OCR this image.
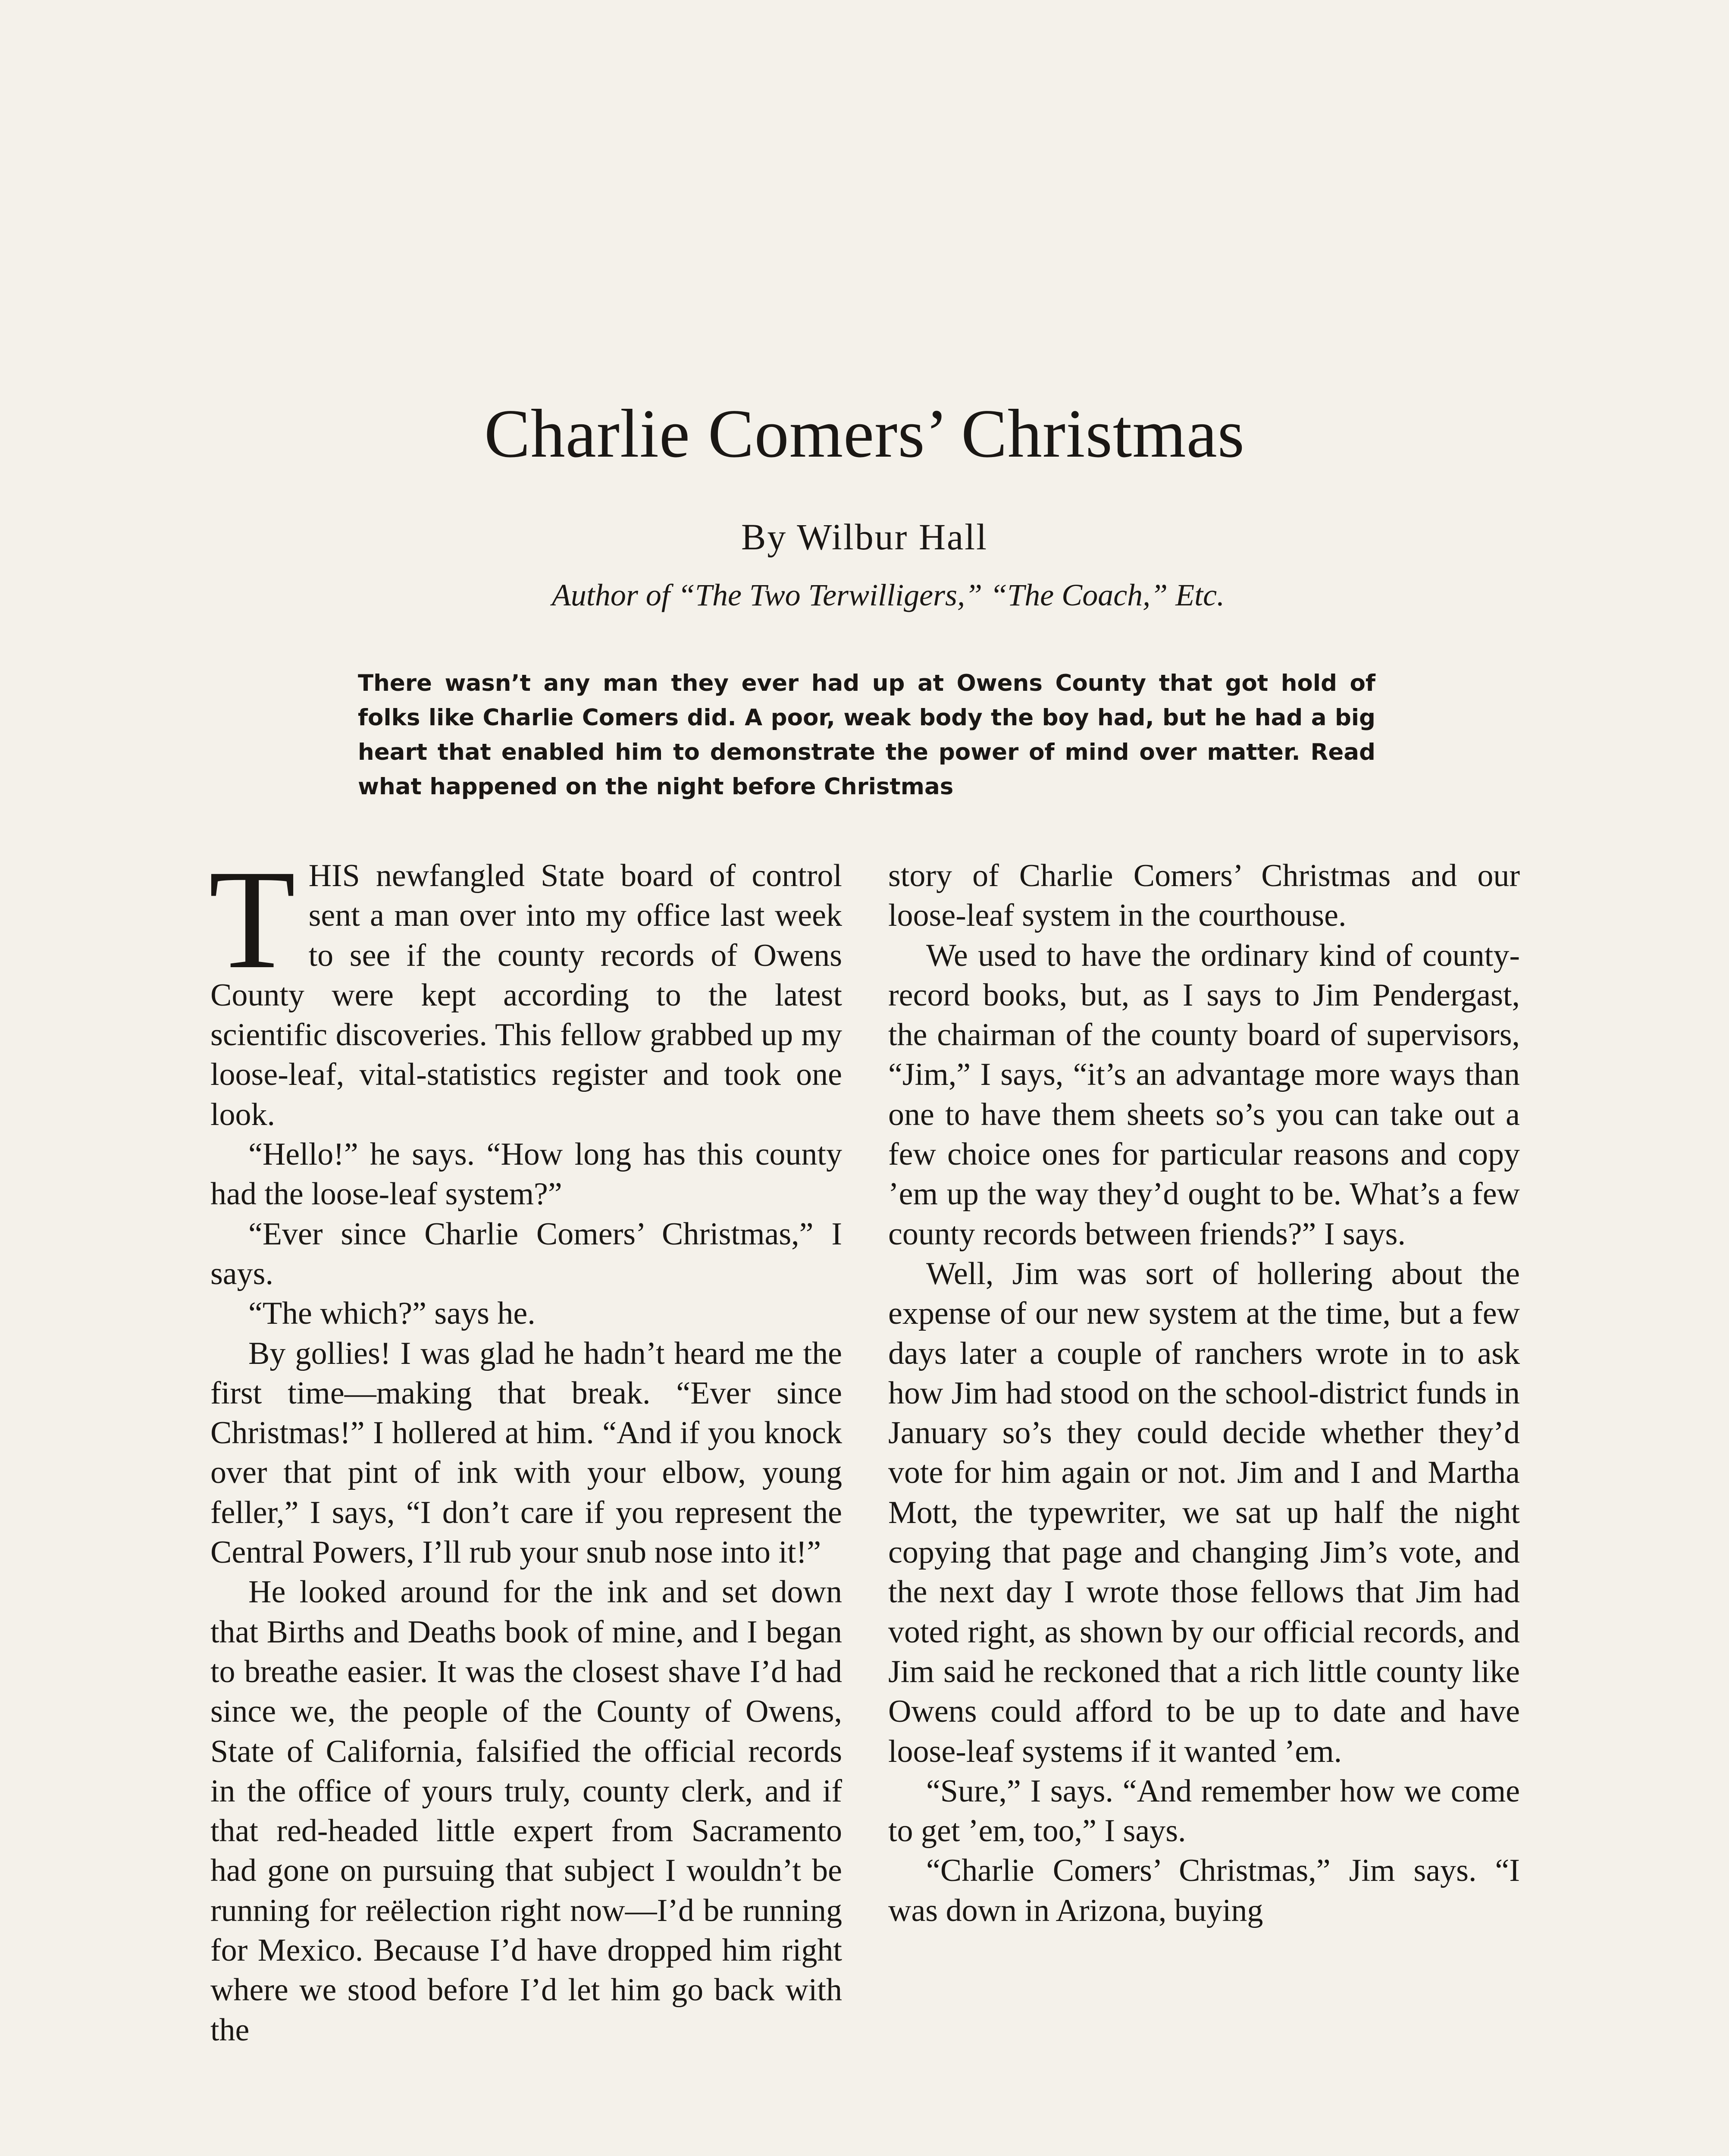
Charlie Comers’ Christmas
By Wilbur Hall
Author of “The Two Terwilligers,” “The Coach,” Etc.
There wasn’t any man they ever had up at Owens County that got hold of folks like Charlie Comers did. A poor, weak body the boy had, but he had a big heart that enabled him to demonstrate the power of mind over matter. Read what happened on the night before Christmas

THIS newfangled State board of control sent a man over into my office last week to see if the county records of Owens County were kept according to the latest scientific discoveries. This fellow grabbed up my loose-leaf, vital-statistics register and took one look.

“Hello!” he says. “How long has this county had the loose-leaf system?”

“Ever since Charlie Comers’ Christmas,” I says.

“The which?” says he.

By gollies! I was glad he hadn’t heard me the first time—making that break. “Ever since Christmas!” I hollered at him. “And if you knock over that pint of ink with your elbow, young feller,” I says, “I don’t care if you represent the Central Powers, I’ll rub your snub nose into it!”

He looked around for the ink and set down that Births and Deaths book of mine, and I began to breathe easier. It was the closest shave I’d had since we, the people of the County of Owens, State of California, falsified the official records in the office of yours truly, county clerk, and if that red-headed little expert from Sacramento had gone on pursuing that subject I wouldn’t be running for reëlection right now—I’d be running for Mexico. Because I’d have dropped him right where we stood before I’d let him go back with the

story of Charlie Comers’ Christmas and our loose-leaf system in the courthouse.

We used to have the ordinary kind of county-record books, but, as I says to Jim Pendergast, the chairman of the county board of supervisors, “Jim,” I says, “it’s an advantage more ways than one to have them sheets so’s you can take out a few choice ones for particular reasons and copy ’em up the way they’d ought to be. What’s a few county records between friends?” I says.

Well, Jim was sort of hollering about the expense of our new system at the time, but a few days later a couple of ranchers wrote in to ask how Jim had stood on the school-district funds in January so’s they could decide whether they’d vote for him again or not. Jim and I and Martha Mott, the typewriter, we sat up half the night copying that page and changing Jim’s vote, and the next day I wrote those fellows that Jim had voted right, as shown by our official records, and Jim said he reckoned that a rich little county like Owens could afford to be up to date and have loose-leaf systems if it wanted ’em.

“Sure,” I says. “And remember how we come to get ’em, too,” I says.

“Charlie Comers’ Christmas,” Jim says. “I was down in Arizona, buying
